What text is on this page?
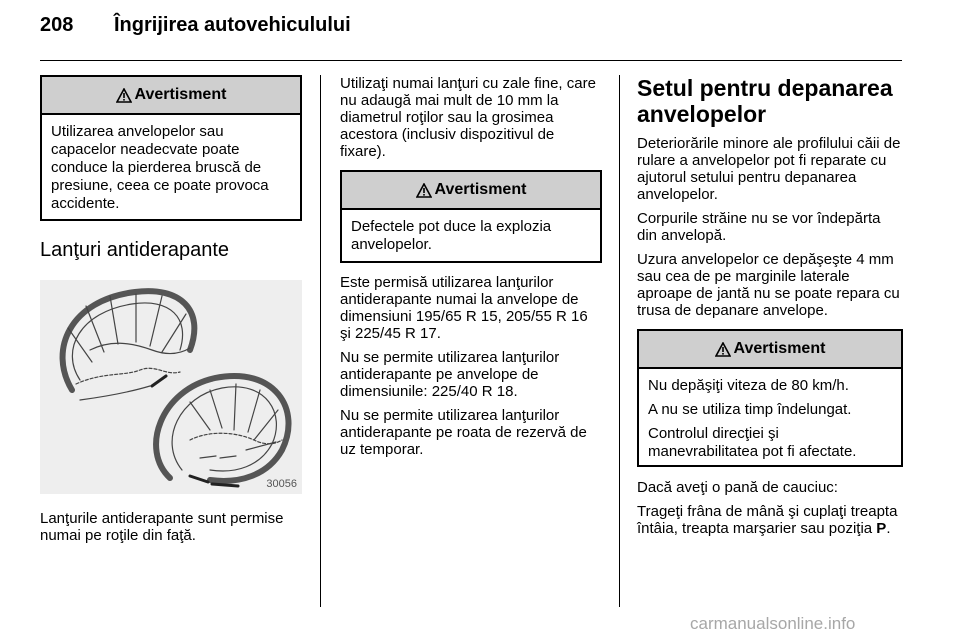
208 Îngrijirea autovehiculului
Avertisment

Utilizarea anvelopelor sau capacelor neadecvate poate conduce la pierderea bruscă de presiune, ceea ce poate provoca accidente.

Lanţuri antiderapante
30056

Lanţurile antiderapante sunt permise numai pe roţile din faţă.

Utilizaţi numai lanţuri cu zale fine, care nu adaugă mai mult de 10 mm la diametrul roţilor sau la grosimea acestora (inclusiv dispozitivul de fixare).

Avertisment

Defectele pot duce la explozia anvelopelor.

Este permisă utilizarea lanţurilor antiderapante numai la anvelope de dimensiuni 195/65 R 15, 205/55 R 16 şi 225/45 R 17.

Nu se permite utilizarea lanţurilor antiderapante pe anvelope de dimensiunile: 225/40 R 18.

Nu se permite utilizarea lanţurilor antiderapante pe roata de rezervă de uz temporar.

Setul pentru depanarea anvelopelor

Deteriorările minore ale profilului căii de rulare a anvelopelor pot fi reparate cu ajutorul setului pentru depanarea anvelopelor.

Corpurile străine nu se vor îndepărta din anvelopă.

Uzura anvelopelor ce depăşeşte 4 mm sau cea de pe marginile laterale aproape de jantă nu se poate repara cu trusa de depanare anvelope.

Avertisment

Nu depăşiţi viteza de 80 km/h.

A nu se utiliza timp îndelungat.

Controlul direcţiei şi manevrabilitatea pot fi afectate.

Dacă aveţi o pană de cauciuc:

Trageţi frâna de mână şi cuplaţi treapta întâia, treapta marşarier sau poziţia P.

carmanualsonline.info
